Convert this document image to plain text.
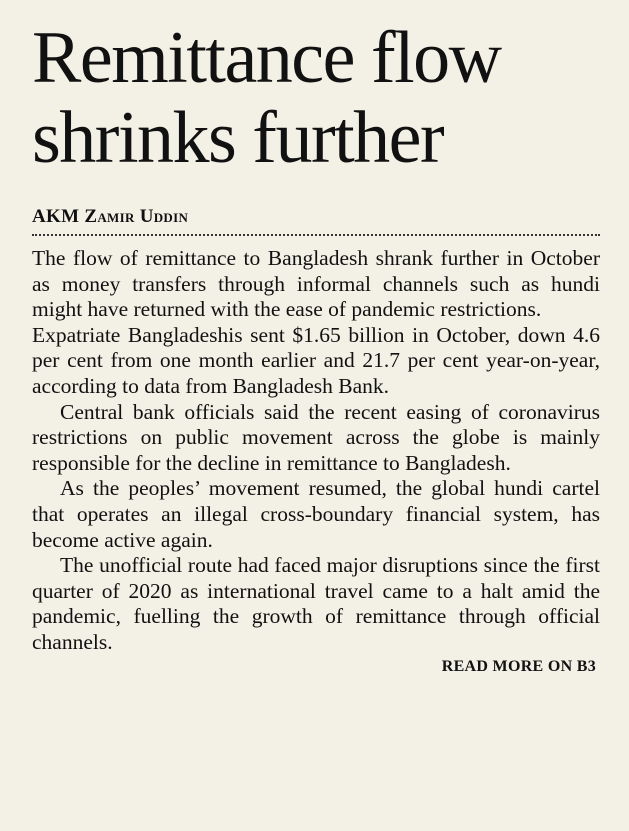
Remittance flow shrinks further
AKM Zamir Uddin

The flow of remittance to Bangladesh shrank further in October as money transfers through informal channels such as hundi might have returned with the ease of pandemic restrictions.

Expatriate Bangladeshis sent $1.65 billion in October, down 4.6 per cent from one month earlier and 21.7 per cent year-on-year, according to data from Bangladesh Bank.

Central bank officials said the recent easing of coronavirus restrictions on public movement across the globe is mainly responsible for the decline in remittance to Bangladesh.

As the peoples’ movement resumed, the global hundi cartel that operates an illegal cross-boundary financial system, has become active again.

The unofficial route had faced major disruptions since the first quarter of 2020 as international travel came to a halt amid the pandemic, fuelling the growth of remittance through official channels.

READ MORE ON B3
